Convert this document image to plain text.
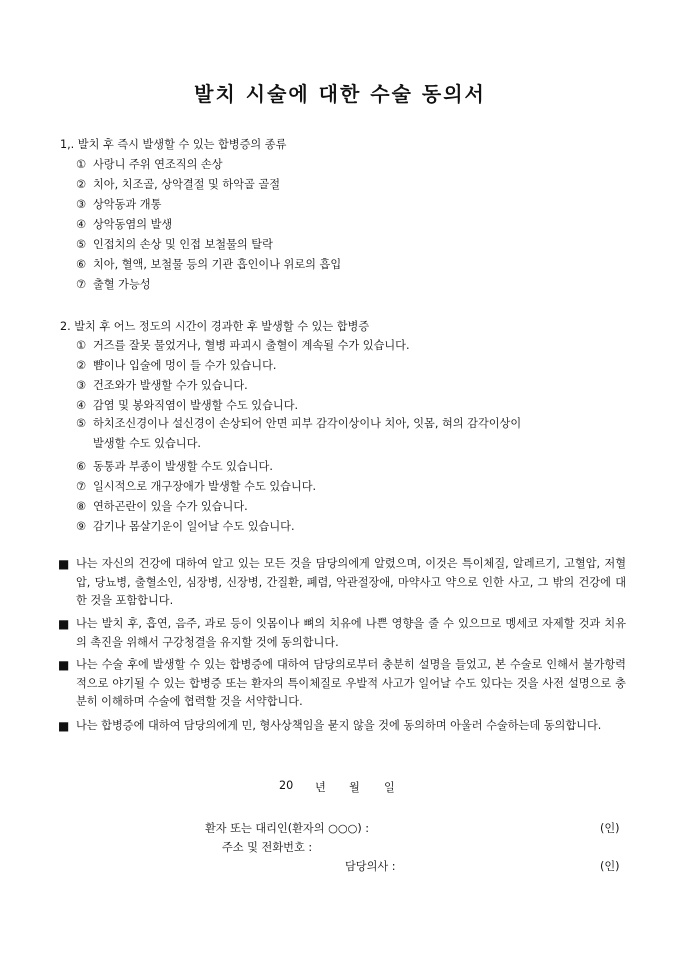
발치 시술에 대한 수술 동의서
1,. 발치 후 즉시 발생할 수 있는 합병증의 종류
① 사랑니 주위 연조직의 손상
② 치아, 치조골, 상악결절 및 하악골 골절
③ 상악동과 개통
④ 상악동염의 발생
⑤ 인접치의 손상 및 인접 보철물의 탈락
⑥ 치아, 혈액, 보철물 등의 기관 흡인이나 위로의 흡입
⑦ 출혈 가능성
2. 발치 후 어느 정도의 시간이 경과한 후 발생할 수 있는 합병증
① 거즈를 잘못 물었거나, 혈병 파괴시 출혈이 계속될 수가 있습니다.
② 뺨이나 입술에 멍이 들 수가 있습니다.
③ 건조와가 발생할 수가 있습니다.
④ 감염 및 봉와직염이 발생할 수도 있습니다.
⑤ 하치조신경이나 설신경이 손상되어 안면 피부 감각이상이나 치아, 잇몸, 혀의 감각이상이
발생할 수도 있습니다.
⑥ 동통과 부종이 발생할 수도 있습니다.
⑦ 일시적으로 개구장애가 발생할 수도 있습니다.
⑧ 연하곤란이 있을 수가 있습니다.
⑨ 감기나 몸살기운이 일어날 수도 있습니다.
■ 나는 자신의 건강에 대하여 알고 있는 모든 것을 담당의에게 알렸으며, 이것은 특이체질, 알레르기, 고혈압, 저혈압, 당뇨병, 출혈소인, 심장병, 신장병, 간질환, 폐렴, 악관절장애, 마약사고 약으로 인한 사고, 그 밖의 건강에 대한 것을 포함합니다.
■ 나는 발치 후, 흡연, 음주, 과로 등이 잇몸이나 뼈의 치유에 나쁜 영향을 줄 수 있으므로 멩세코 자제할 것과 치유의 촉진을 위해서 구강청결을 유지할 것에 동의합니다.
■ 나는 수술 후에 발생할 수 있는 합병증에 대하여 담당의로부터 충분히 설명을 들었고, 본 수술로 인해서 불가항력적으로 야기될 수 있는 합병증 또는 환자의 특이체질로 우발적 사고가 일어날 수도 있다는 것을 사전 설명으로 충분히 이해하며 수술에 협력할 것을 서약합니다.
■ 나는 합병증에 대하여 담당의에게 민, 형사상책임을 묻지 않을 것에 동의하며 아울러 수술하는데 동의합니다.
20 년 월 일
환자 또는 대리인(환자의 ○○○) :	(인)
주소 및 전화번호 :
담당의사 :	(인)
